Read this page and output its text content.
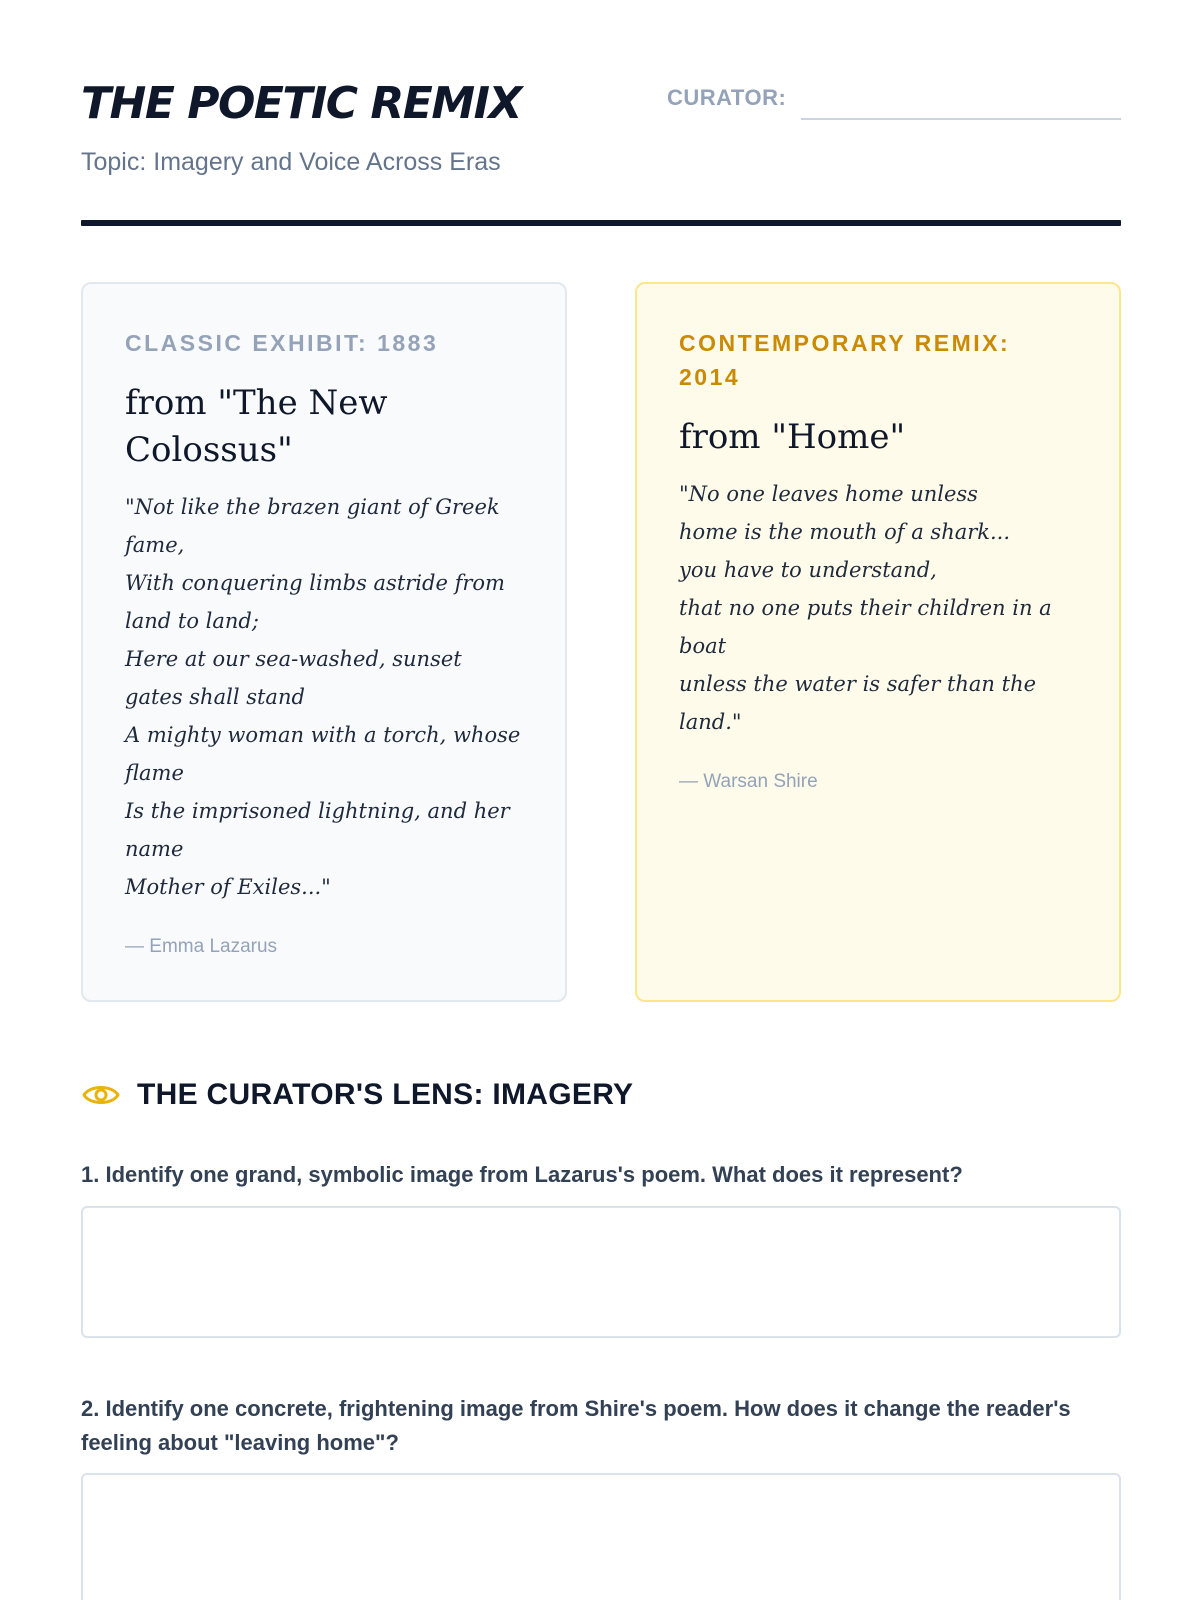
THE POETIC REMIX
Topic: Imagery and Voice Across Eras
CURATOR:
CLASSIC EXHIBIT: 1883
from "The New Colossus"
"Not like the brazen giant of Greek fame,
With conquering limbs astride from land to land;
Here at our sea-washed, sunset gates shall stand
A mighty woman with a torch, whose flame
Is the imprisoned lightning, and her name
Mother of Exiles..."
— Emma Lazarus
CONTEMPORARY REMIX: 2014
from "Home"
"No one leaves home unless
home is the mouth of a shark...
you have to understand,
that no one puts their children in a boat
unless the water is safer than the land."
— Warsan Shire
THE CURATOR'S LENS: IMAGERY
1. Identify one grand, symbolic image from Lazarus's poem. What does it represent?
2. Identify one concrete, frightening image from Shire's poem. How does it change the reader's feeling about "leaving home"?
